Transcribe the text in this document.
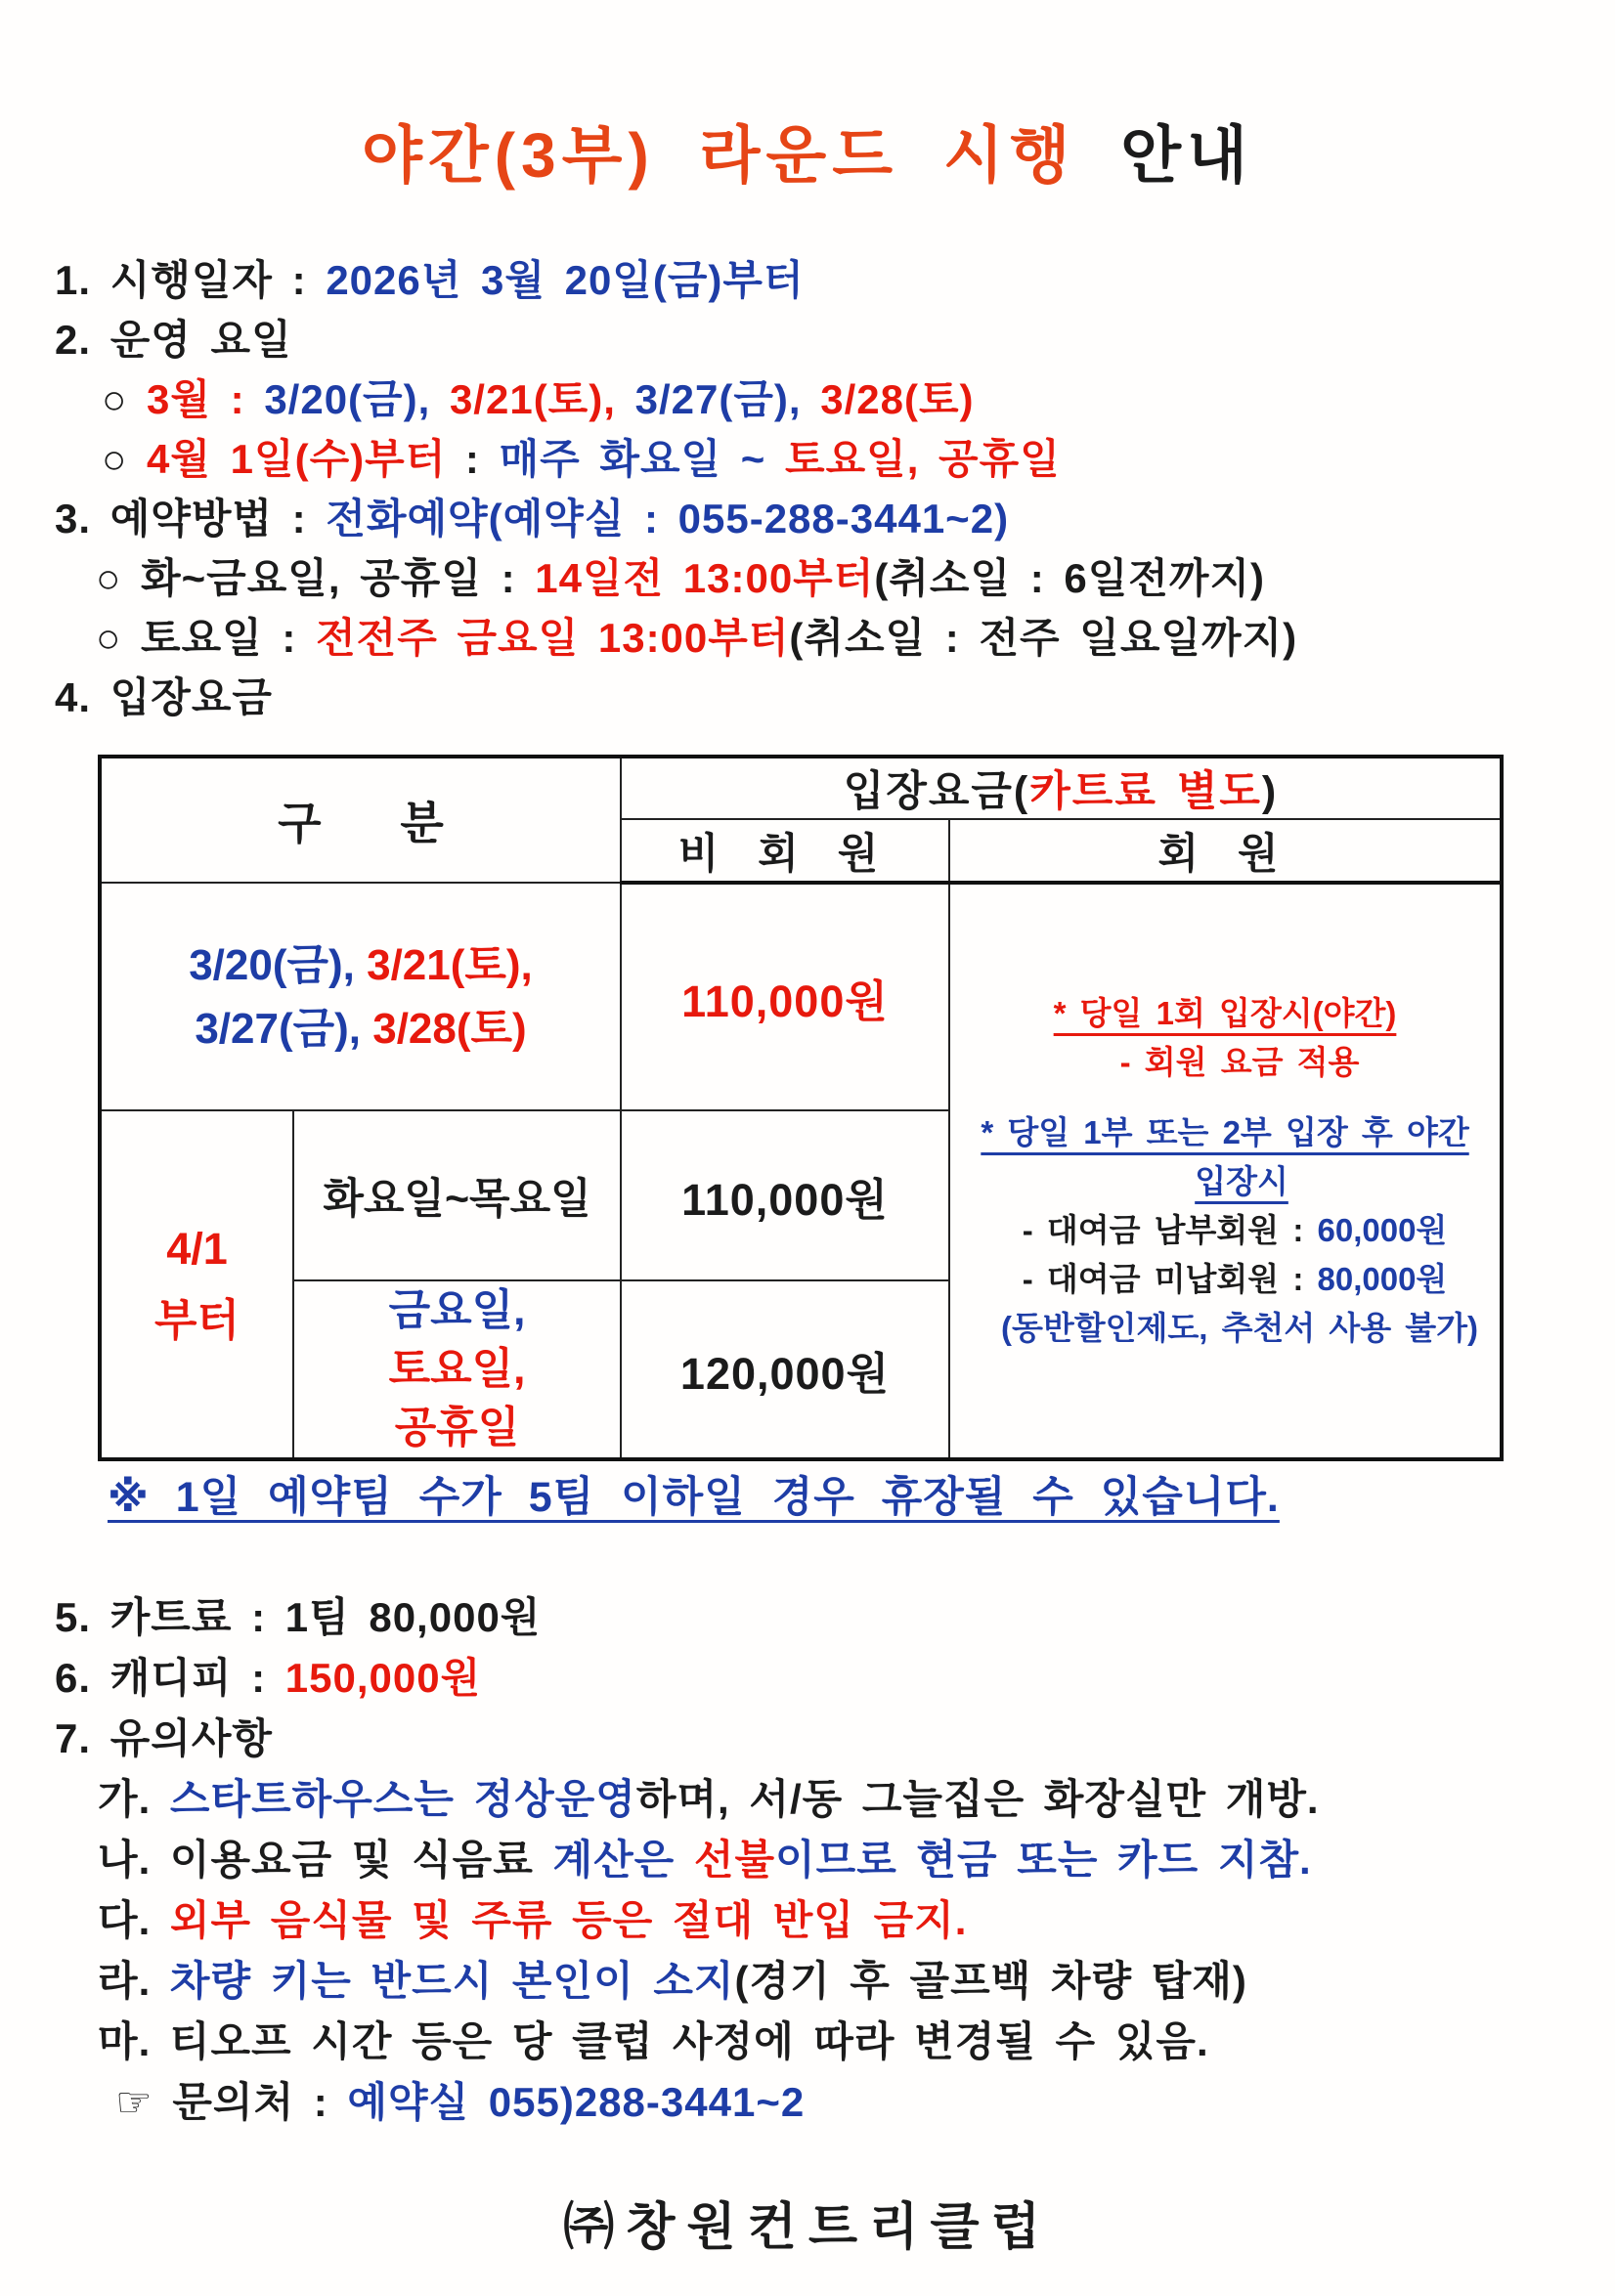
야간(3부) 라운드 시행 안내
1. 시행일자 : 2026년 3월 20일(금)부터
2. 운영 요일
○ 3월 : 3/20(금), 3/21(토), 3/27(금), 3/28(토)
○ 4월 1일(수)부터 : 매주 화요일 ~ 토요일, 공휴일
3. 예약방법 : 전화예약(예약실 : 055-288-3441~2)
○ 화~금요일, 공휴일 : 14일전 13:00부터(취소일 : 6일전까지)
○ 토요일 : 전전주 금요일 13:00부터(취소일 : 전주 일요일까지)
4. 입장요금
구 분		입장요금(카트료 별도)	
		비 회 원	회 원

3/20(금), 3/21(토),
3/27(금), 3/28(토)
	110,000원	* 당일 1회 입장시(야간)
- 회원 요금 적용
* 당일 1부 또는 2부 입장 후 야간
입장시
- 대여금 남부회원 : 60,000원
- 대여금 미납회원 : 80,000원
(동반할인제도, 추천서 사용 불가)

4/1
부터	화요일~목요일	110,000원	

	금요일,
토요일,
공휴일	120,000원	
※ 1일 예약팀 수가 5팀 이하일 경우 휴장될 수 있습니다.
5. 카트료 : 1팀 80,000원
6. 캐디피 : 150,000원
7. 유의사항
가. 스타트하우스는 정상운영하며, 서/동 그늘집은 화장실만 개방.
나. 이용요금 및 식음료 계산은 선불이므로 현금 또는 카드 지참.
다. 외부 음식물 및 주류 등은 절대 반입 금지.
라. 차량 키는 반드시 본인이 소지(경기 후 골프백 차량 탑재)
마. 티오프 시간 등은 당 클럽 사정에 따라 변경될 수 있음.
☞ 문의처 : 예약실 055)288-3441~2
㈜창원컨트리클럽
